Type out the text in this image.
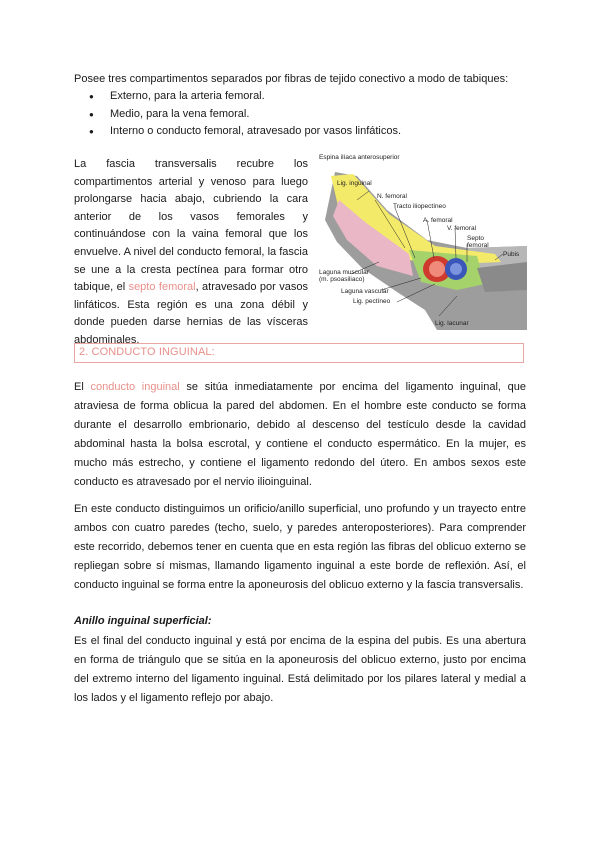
Posee tres compartimentos separados por fibras de tejido conectivo a modo de tabiques:

● Externo, para la arteria femoral.
● Medio, para la vena femoral.
● Interno o conducto femoral, atravesado por vasos linfáticos.

La fascia transversalis recubre los compartimentos arterial y venoso para luego prolongarse hacia abajo, cubriendo la cara anterior de los vasos femorales y continuándose con la vaina femoral que los envuelve. A nivel del conducto femoral, la fascia se une a la cresta pectínea para formar otro tabique, el septo femoral, atravesado por vasos linfáticos. Esta región es una zona débil y donde pueden darse hernias de las vísceras abdominales.

Espina ilíaca anterosuperior
Lig. inguinal
N. femoral
Tracto iliopectíneo
A. femoral
V. femoral
Septo
femoral
Pubis
Laguna muscular
(m. psoasiliaco)
Laguna vascular
Lig. pectíneo
Lig. lacunar
2. CONDUCTO INGUINAL:

El conducto inguinal se sitúa inmediatamente por encima del ligamento inguinal, que atraviesa de forma oblicua la pared del abdomen. En el hombre este conducto se forma durante el desarrollo embrionario, debido al descenso del testículo desde la cavidad abdominal hasta la bolsa escrotal, y contiene el conducto espermático. En la mujer, es mucho más estrecho, y contiene el ligamento redondo del útero. En ambos sexos este conducto es atravesado por el nervio ilioinguinal.

En este conducto distinguimos un orificio/anillo superficial, uno profundo y un trayecto entre ambos con cuatro paredes (techo, suelo, y paredes anteroposteriores). Para comprender este recorrido, debemos tener en cuenta que en esta región las fibras del oblicuo externo se repliegan sobre sí mismas, llamando ligamento inguinal a este borde de reflexión. Así, el conducto inguinal se forma entre la aponeurosis del oblicuo externo y la fascia transversalis.

Anillo inguinal superficial:

Es el final del conducto inguinal y está por encima de la espina del pubis. Es una abertura en forma de triángulo que se sitúa en la aponeurosis del oblicuo externo, justo por encima del extremo interno del ligamento inguinal. Está delimitado por los pilares lateral y medial a los lados y el ligamento reflejo por abajo.
